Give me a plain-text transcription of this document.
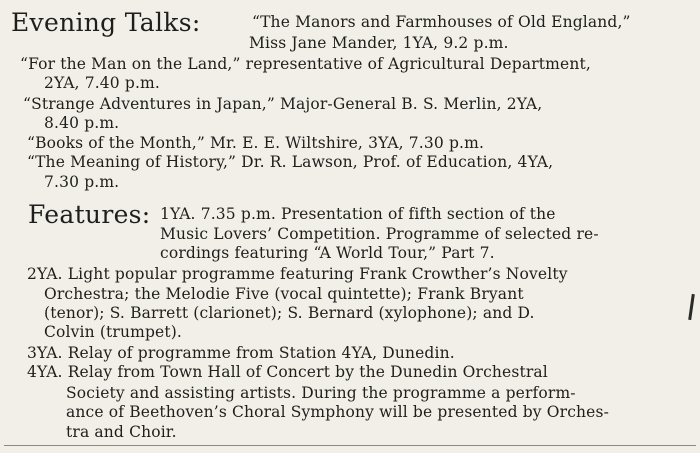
Evening Talks:	“The Manors and Farmhouses of Old England,”
Miss Jane Mander, 1YA, 9.2 p.m.
“For the Man on the Land,” representative of Agricultural Department,
2YA, 7.40 p.m.
“Strange Adventures in Japan,” Major-General B. S. Merlin, 2YA,
8.40 p.m.
“Books of the Month,” Mr. E. E. Wiltshire, 3YA, 7.30 p.m.
“The Meaning of History,” Dr. R. Lawson, Prof. of Education, 4YA,
7.30 p.m.
Features: 1YA. 7.35 p.m. Presentation of fifth section of the
Music Lovers’ Competition. Programme of selected re-
cordings featuring “A World Tour,” Part 7.
2YA. Light popular programme featuring Frank Crowther’s Novelty
Orchestra; the Melodie Five (vocal quintette); Frank Bryant
(tenor); S. Barrett (clarionet); S. Bernard (xylophone); and D.
Colvin (trumpet).
3YA. Relay of programme from Station 4YA, Dunedin.
4YA. Relay from Town Hall of Concert by the Dunedin Orchestral
Society and assisting artists. During the programme a perform-
ance of Beethoven’s Choral Symphony will be presented by Orches-
tra and Choir.
